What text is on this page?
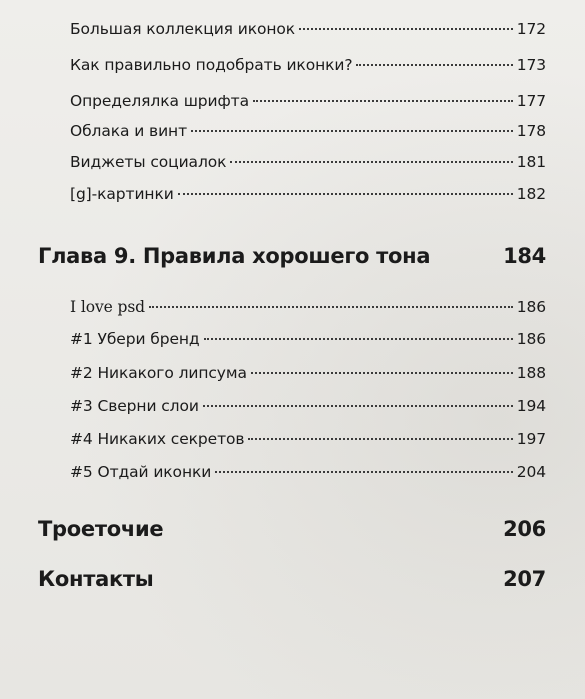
Большая коллекция иконок	172
Как правильно подобрать иконки?	173
Определялка шрифта	177
Облака и винт	178
Виджеты социалок	181
[g]-картинки	182
Глава 9. Правила хорошего тона	184
I love psd	186
#1 Убери бренд	186
#2 Никакого липсума	188
#3 Сверни слои	194
#4 Никаких секретов	197
#5 Отдай иконки	204
Троеточие	206
Контакты	207
